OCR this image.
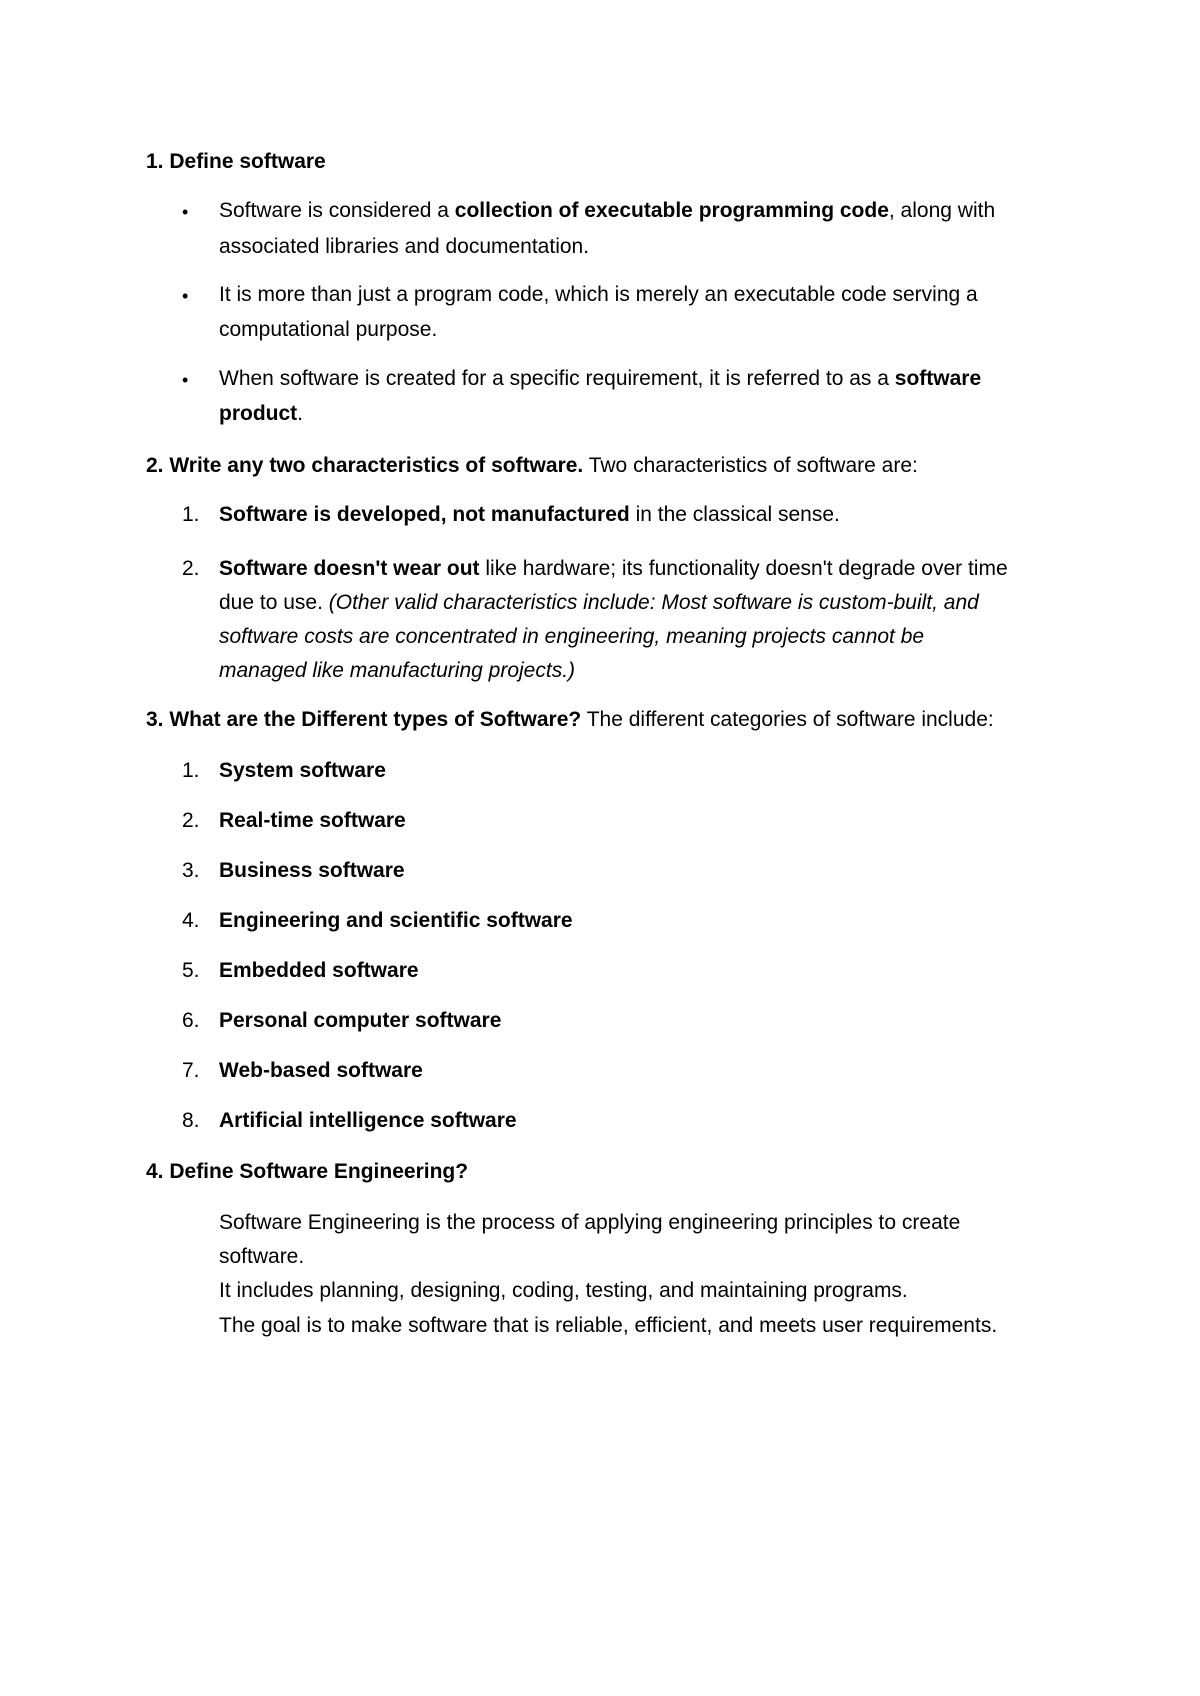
1. Define software
• Software is considered a collection of executable programming code, along with
associated libraries and documentation.
• It is more than just a program code, which is merely an executable code serving a
computational purpose.
• When software is created for a specific requirement, it is referred to as a software
product.
2. Write any two characteristics of software. Two characteristics of software are:
1. Software is developed, not manufactured in the classical sense.
2. Software doesn't wear out like hardware; its functionality doesn't degrade over time
due to use. (Other valid characteristics include: Most software is custom-built, and
software costs are concentrated in engineering, meaning projects cannot be
managed like manufacturing projects.)
3. What are the Different types of Software? The different categories of software include:
1. System software
2. Real-time software
3. Business software
4. Engineering and scientific software
5. Embedded software
6. Personal computer software
7. Web-based software
8. Artificial intelligence software
4. Define Software Engineering?
Software Engineering is the process of applying engineering principles to create
software.
It includes planning, designing, coding, testing, and maintaining programs.
The goal is to make software that is reliable, efficient, and meets user requirements.
